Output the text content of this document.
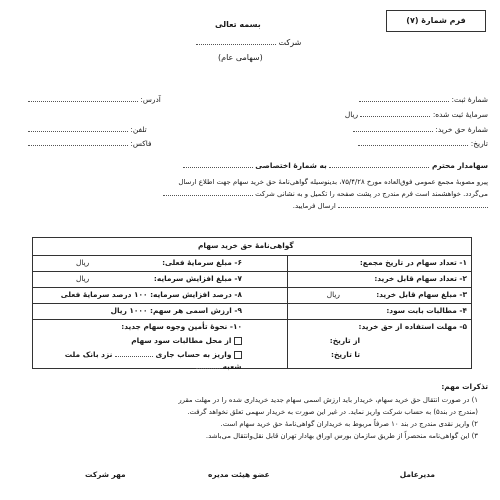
فرم شمارهٔ (۷)
بسمه تعالی
شرکت
(سهامی عام)
شمارهٔ ثبت:
سرمایهٔ ثبت شده:  ریال
شمارهٔ حق خرید:
تاریخ:
آدرس:
تلفن:
فاکس:
سهامدار محترم  به شمارهٔ اختصاصی
پیرو مصوبهٔ مجمع عمومی فوق‌العاده مورخ ۷۵/۴/۲۸، بدینوسیله گواهی‌نامهٔ حق خرید سهام جهت اطلاع ارسال
می‌گردد. خواهشمند است فرم مندرج در پشت صفحه را تکمیل و به نشانی شرکت
ارسال فرمایید.
گواهی‌نامهٔ حق خرید سهام
۱- تعداد سهام در تاریخ مجمع:
۲- تعداد سهام قابل خرید:
۳- مبلغ سهام قابل خرید:
ریال
۴- مطالبات بابت سود:
۵- مهلت استفاده از حق خرید:
از تاریخ:
تا تاریخ:
۶- مبلغ سرمایهٔ فعلی:
ریال
۷- مبلغ افزایش سرمایه:
ریال
۸- درصد افزایش سرمایه: ۱۰۰ درصد سرمایهٔ فعلی
۹- ارزش اسمی هر سهم: ۱۰۰۰ ریال
۱۰- نحوهٔ تأمین وجوه سهام جدید:
از محل مطالبات سود سهام
واریز به حساب جاری  نزد بانک ملت
شعبه
تذکرات مهم:
۱) در صورت انتقال حق خرید سهام، خریدار باید ارزش اسمی سهام جدید خریداری شده را در مهلت مقرر
(مندرج در بند۵) به حساب شرکت واریز نماید. در غیر این صورت به خریدار سهمی تعلق نخواهد گرفت.
۲) واریز نقدی مندرج در بند ۱۰ صرفاً مربوط به خریداران گواهی‌نامهٔ حق خرید سهام است.
۳) این گواهی‌نامه منحصراً از طریق سازمان بورس اوراق بهادار تهران قابل نقل‌وانتقال می‌باشد.
مدیرعامل
عضو هیئت مدیره
مهر شرکت
